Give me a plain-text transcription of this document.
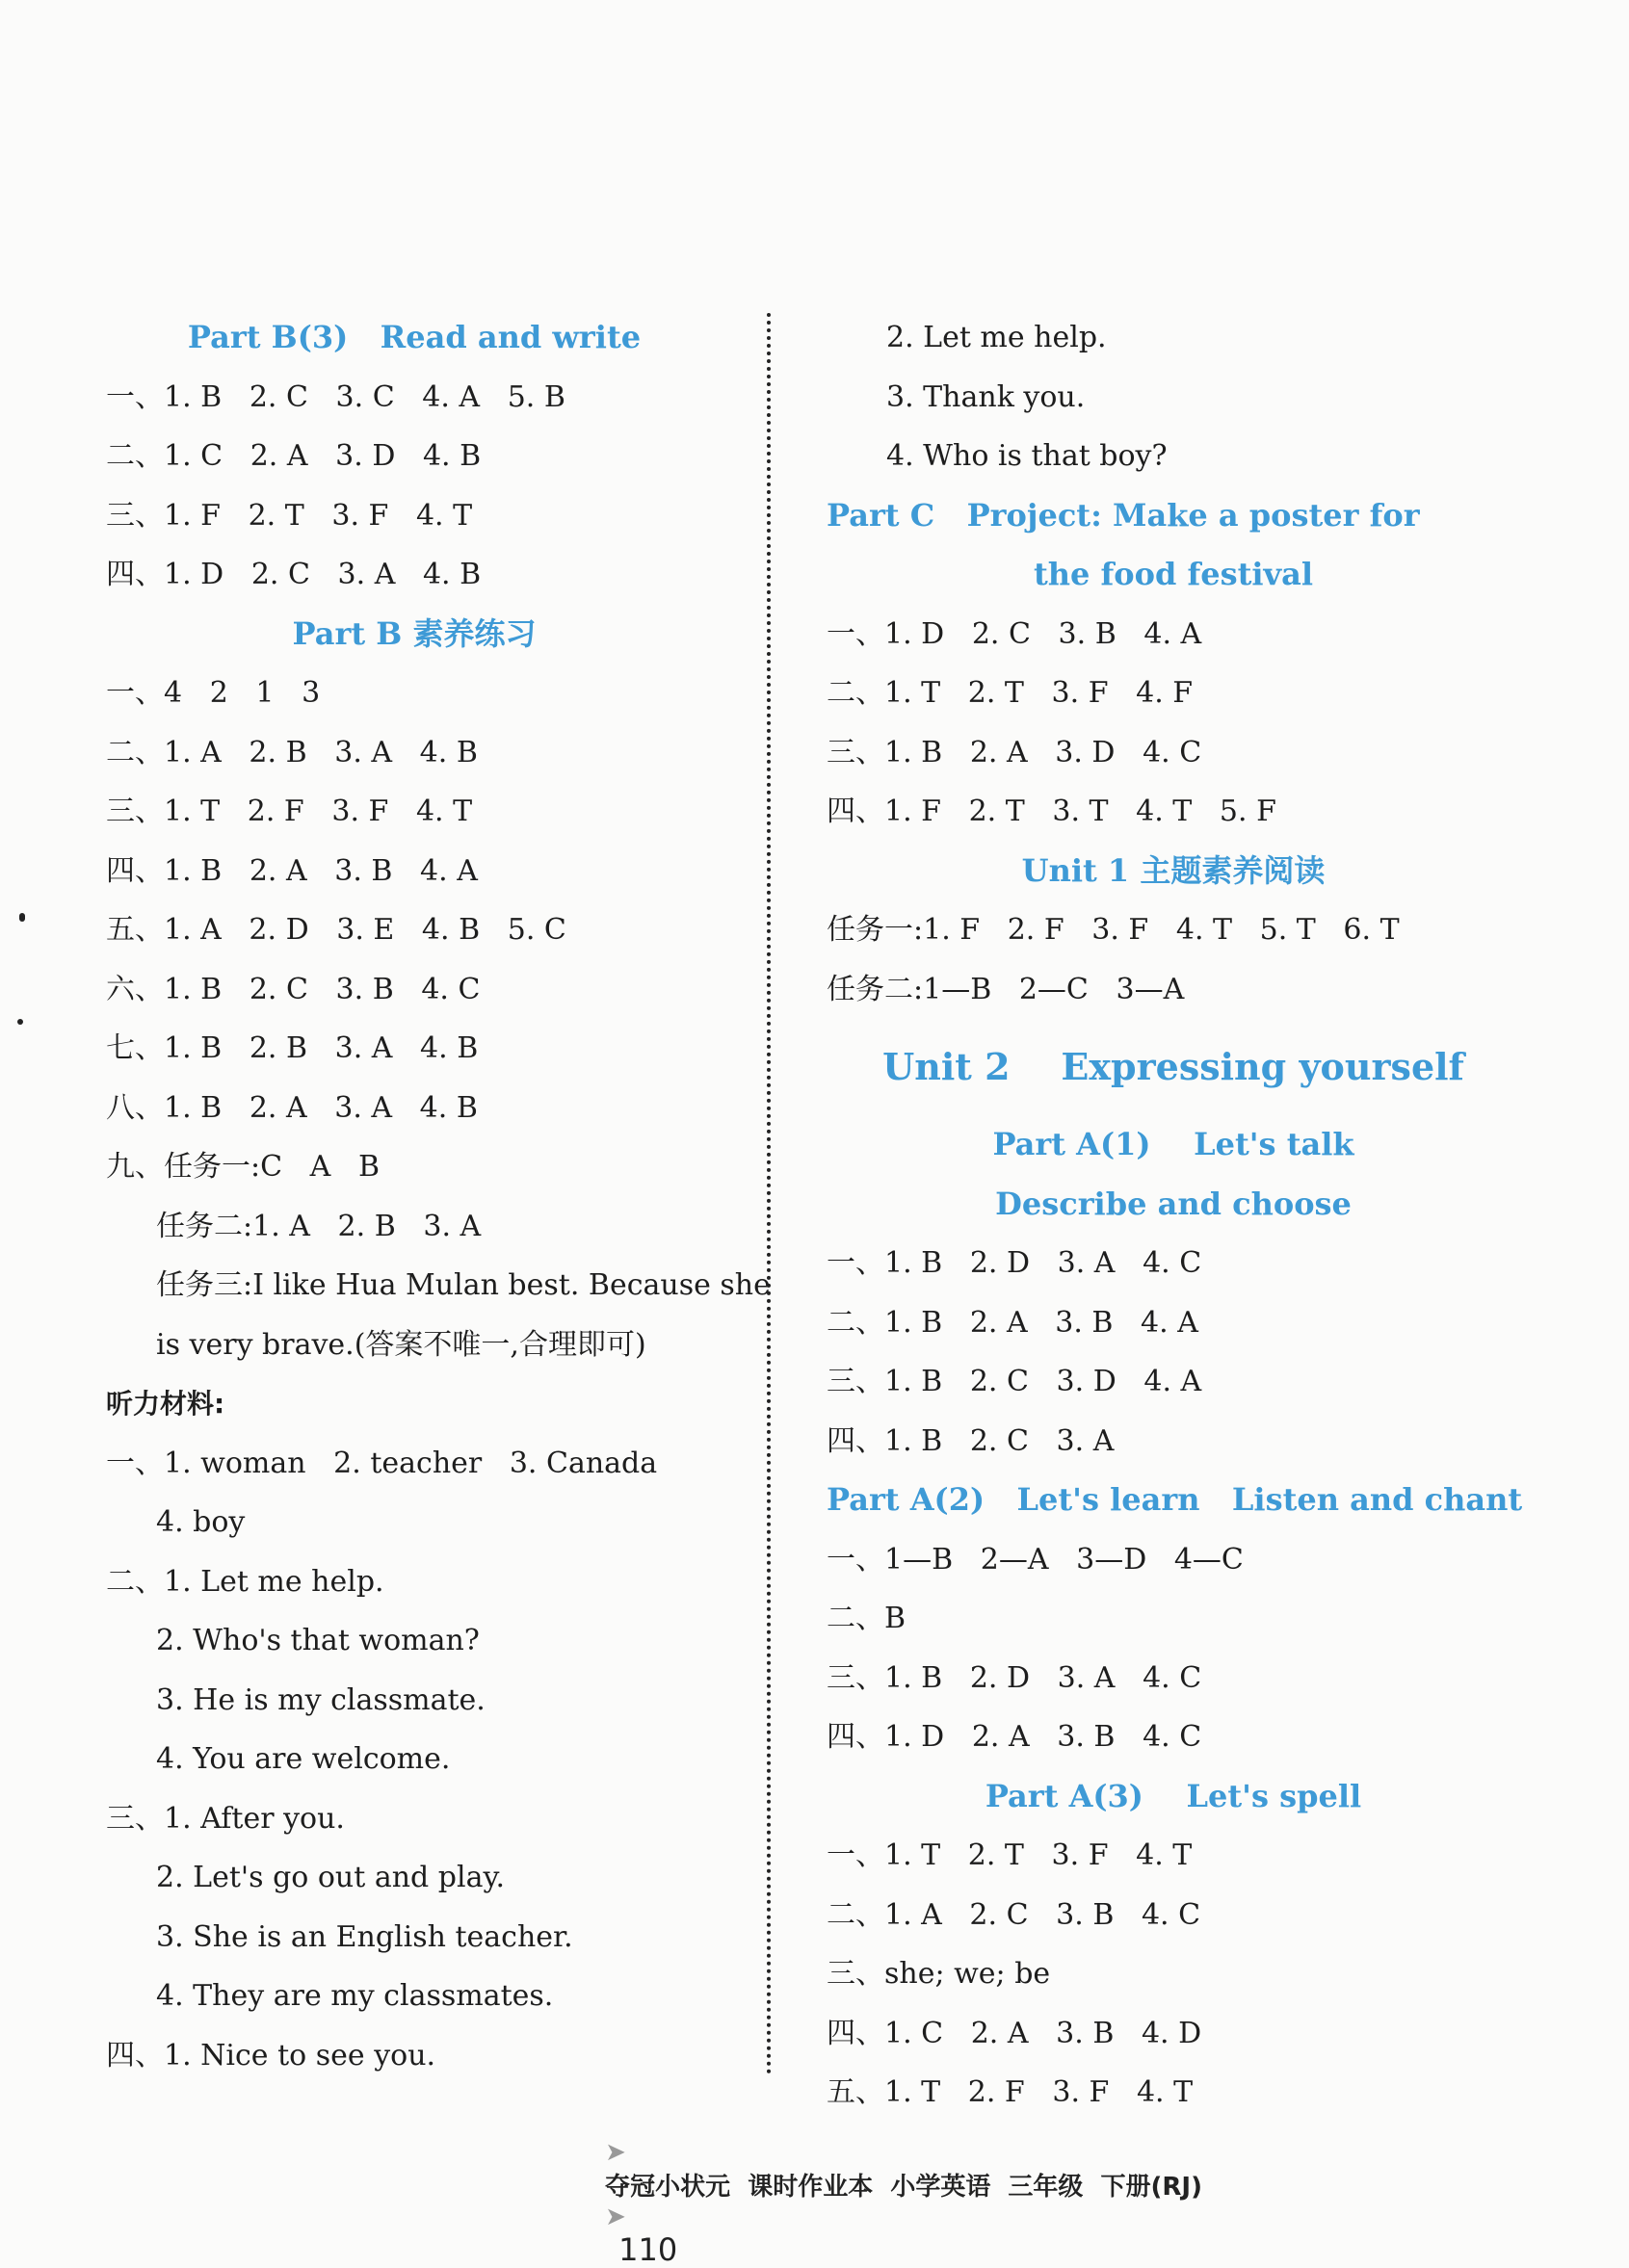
Part B(3)   Read and write
一、1. B   2. C   3. C   4. A   5. B
二、1. C   2. A   3. D   4. B
三、1. F   2. T   3. F   4. T
四、1. D   2. C   3. A   4. B
Part B 素养练习
一、4   2   1   3
二、1. A   2. B   3. A   4. B
三、1. T   2. F   3. F   4. T
四、1. B   2. A   3. B   4. A
五、1. A   2. D   3. E   4. B   5. C
六、1. B   2. C   3. B   4. C
七、1. B   2. B   3. A   4. B
八、1. B   2. A   3. A   4. B
九、任务一:C   A   B
任务二:1. A   2. B   3. A
任务三:I like Hua Mulan best. Because she
is very brave.(答案不唯一,合理即可)
听力材料:
一、1. woman   2. teacher   3. Canada
4. boy
二、1. Let me help.
2. Who's that woman?
3. He is my classmate.
4. You are welcome.
三、1. After you.
2. Let's go out and play.
3. She is an English teacher.
4. They are my classmates.
四、1. Nice to see you.
2. Let me help.
3. Thank you.
4. Who is that boy?
Part C   Project: Make a poster for
the food festival
一、1. D   2. C   3. B   4. A
二、1. T   2. T   3. F   4. F
三、1. B   2. A   3. D   4. C
四、1. F   2. T   3. T   4. T   5. F
Unit 1 主题素养阅读
任务一:1. F   2. F   3. F   4. T   5. T   6. T
任务二:1—B   2—C   3—A
Unit 2    Expressing yourself
Part A(1)    Let's talk
Describe and choose
一、1. B   2. D   3. A   4. C
二、1. B   2. A   3. B   4. A
三、1. B   2. C   3. D   4. A
四、1. B   2. C   3. A
Part A(2)   Let's learn   Listen and chant
一、1—B   2—A   3—D   4—C
二、B
三、1. B   2. D   3. A   4. C
四、1. D   2. A   3. B   4. C
Part A(3)    Let's spell
一、1. T   2. T   3. F   4. T
二、1. A   2. C   3. B   4. C
三、she; we; be
四、1. C   2. A   3. B   4. D
五、1. T   2. F   3. F   4. T

➤
夺冠小状元  课时作业本  小学英语  三年级  下册(RJ)
➤
110
